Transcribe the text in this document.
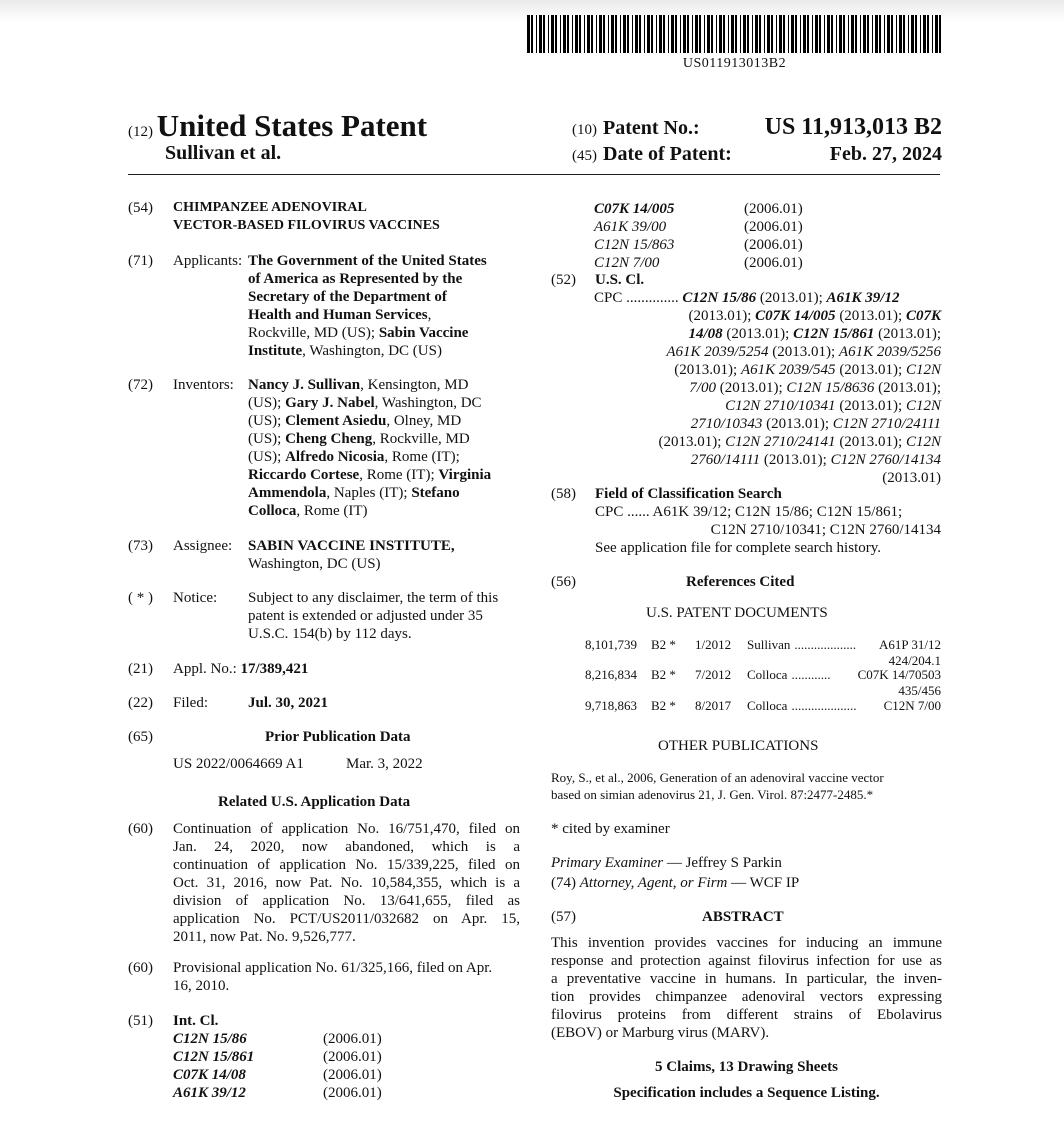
US011913013B2
(12) United States Patent
Sullivan et al.
(10) Patent No.:	US 11,913,013 B2
(45) Date of Patent:	Feb. 27, 2024
(54)	CHIMPANZEE ADENOVIRAL
VECTOR-BASED FILOVIRUS VACCINES
(71)	Applicants: The Government of the United States
of America as Represented by the
Secretary of the Department of
Health and Human Services,
Rockville, MD (US); Sabin Vaccine
Institute, Washington, DC (US)
(72)	Inventors: Nancy J. Sullivan, Kensington, MD
(US); Gary J. Nabel, Washington, DC
(US); Clement Asiedu, Olney, MD
(US); Cheng Cheng, Rockville, MD
(US); Alfredo Nicosia, Rome (IT);
Riccardo Cortese, Rome (IT); Virginia
Ammendola, Naples (IT); Stefano
Colloca, Rome (IT)
(73)	Assignee: SABIN VACCINE INSTITUTE,
Washington, DC (US)
( * )	Notice: Subject to any disclaimer, the term of this
patent is extended or adjusted under 35
U.S.C. 154(b) by 112 days.
(21)	Appl. No.: 17/389,421
(22)	Filed:	Jul. 30, 2021
(65)	Prior Publication Data
US 2022/0064669 A1	Mar. 3, 2022
Related U.S. Application Data
(60)	Continuation of application No. 16/751,470, filed on
Jan. 24, 2020, now abandoned, which is a
continuation of application No. 15/339,225, filed on
Oct. 31, 2016, now Pat. No. 10,584,355, which is a
division of application No. 13/641,655, filed as
application No. PCT/US2011/032682 on Apr. 15,
2011, now Pat. No. 9,526,777.
(60)	Provisional application No. 61/325,166, filed on Apr.
16, 2010.
(51)	Int. Cl.
C12N 15/86	(2006.01)
C12N 15/861	(2006.01)
C07K 14/08	(2006.01)
A61K 39/12	(2006.01)
C07K 14/005	(2006.01)
A61K 39/00	(2006.01)
C12N 15/863	(2006.01)
C12N 7/00	(2006.01)
(52)	U.S. Cl.
CPC .............. C12N 15/86 (2013.01); A61K 39/12
(2013.01); C07K 14/005 (2013.01); C07K
14/08 (2013.01); C12N 15/861 (2013.01);
A61K 2039/5254 (2013.01); A61K 2039/5256
(2013.01); A61K 2039/545 (2013.01); C12N
7/00 (2013.01); C12N 15/8636 (2013.01);
C12N 2710/10341 (2013.01); C12N
2710/10343 (2013.01); C12N 2710/24111
(2013.01); C12N 2710/24141 (2013.01); C12N
2760/14111 (2013.01); C12N 2760/14134
(2013.01)
(58)	Field of Classification Search
CPC ...... A61K 39/12; C12N 15/86; C12N 15/861;
C12N 2710/10341; C12N 2760/14134
See application file for complete search history.
(56)	References Cited
U.S. PATENT DOCUMENTS
8,101,739	B2 *	1/2012	Sullivan ...................	A61P 31/12
424/204.1
8,216,834	B2 *	7/2012	Colloca ............	C07K 14/70503
435/456
9,718,863	B2 *	8/2017	Colloca ....................	C12N 7/00
OTHER PUBLICATIONS
Roy, S., et al., 2006, Generation of an adenoviral vaccine vector
based on simian adenovirus 21, J. Gen. Virol. 87:2477-2485.*
* cited by examiner
Primary Examiner — Jeffrey S Parkin
(74) Attorney, Agent, or Firm — WCF IP
(57)	ABSTRACT
This invention provides vaccines for inducing an immune
response and protection against filovirus infection for use as
a preventative vaccine in humans. In particular, the inven-
tion provides chimpanzee adenoviral vectors expressing
filovirus proteins from different strains of Ebolavirus
(EBOV) or Marburg virus (MARV).
5 Claims, 13 Drawing Sheets
Specification includes a Sequence Listing.
